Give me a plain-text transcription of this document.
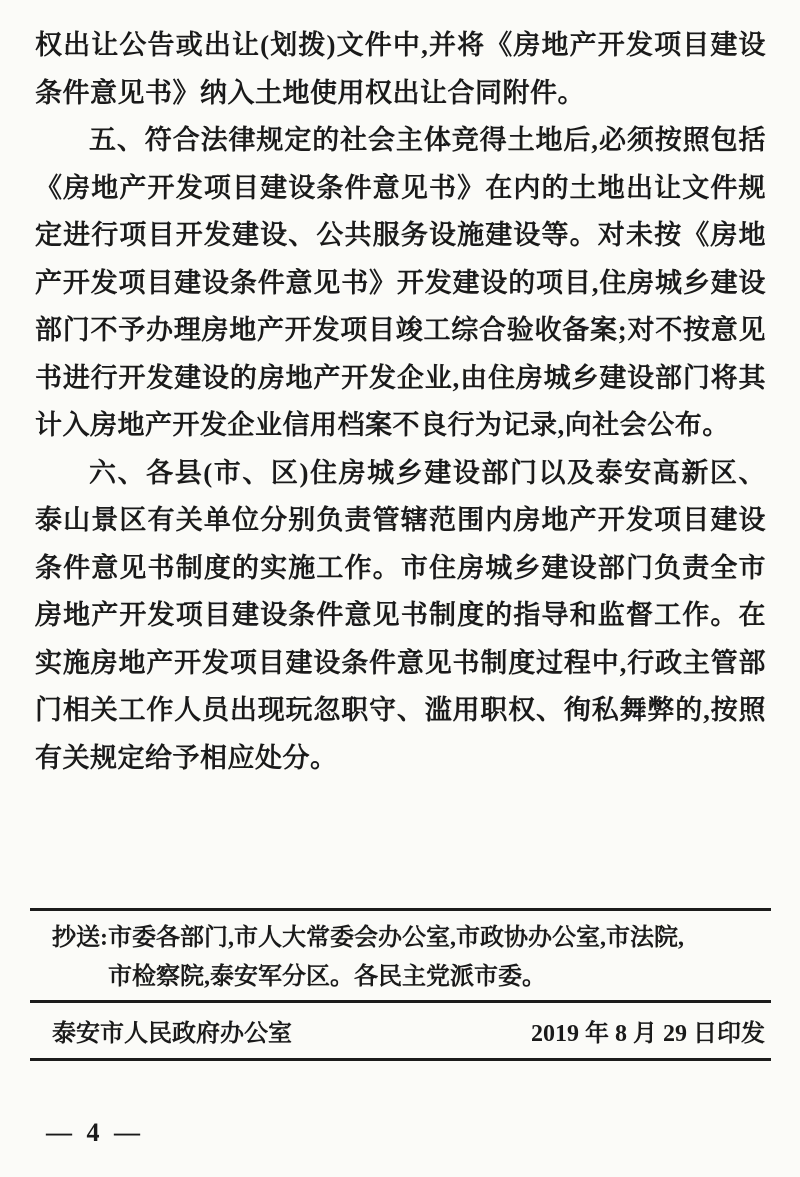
权出让公告或出让(划拨)文件中,并将《房地产开发项目建设条件意见书》纳入土地使用权出让合同附件。

五、符合法律规定的社会主体竞得土地后,必须按照包括《房地产开发项目建设条件意见书》在内的土地出让文件规定进行项目开发建设、公共服务设施建设等。对未按《房地产开发项目建设条件意见书》开发建设的项目,住房城乡建设部门不予办理房地产开发项目竣工综合验收备案;对不按意见书进行开发建设的房地产开发企业,由住房城乡建设部门将其计入房地产开发企业信用档案不良行为记录,向社会公布。

六、各县(市、区)住房城乡建设部门以及泰安高新区、泰山景区有关单位分别负责管辖范围内房地产开发项目建设条件意见书制度的实施工作。市住房城乡建设部门负责全市房地产开发项目建设条件意见书制度的指导和监督工作。在实施房地产开发项目建设条件意见书制度过程中,行政主管部门相关工作人员出现玩忽职守、滥用职权、徇私舞弊的,按照有关规定给予相应处分。

抄送: 市委各部门,市人大常委会办公室,市政协办公室,市法院,
市检察院,泰安军分区。各民主党派市委。
泰安市人民政府办公室	2019 年 8 月 29 日印发
— 4 —
